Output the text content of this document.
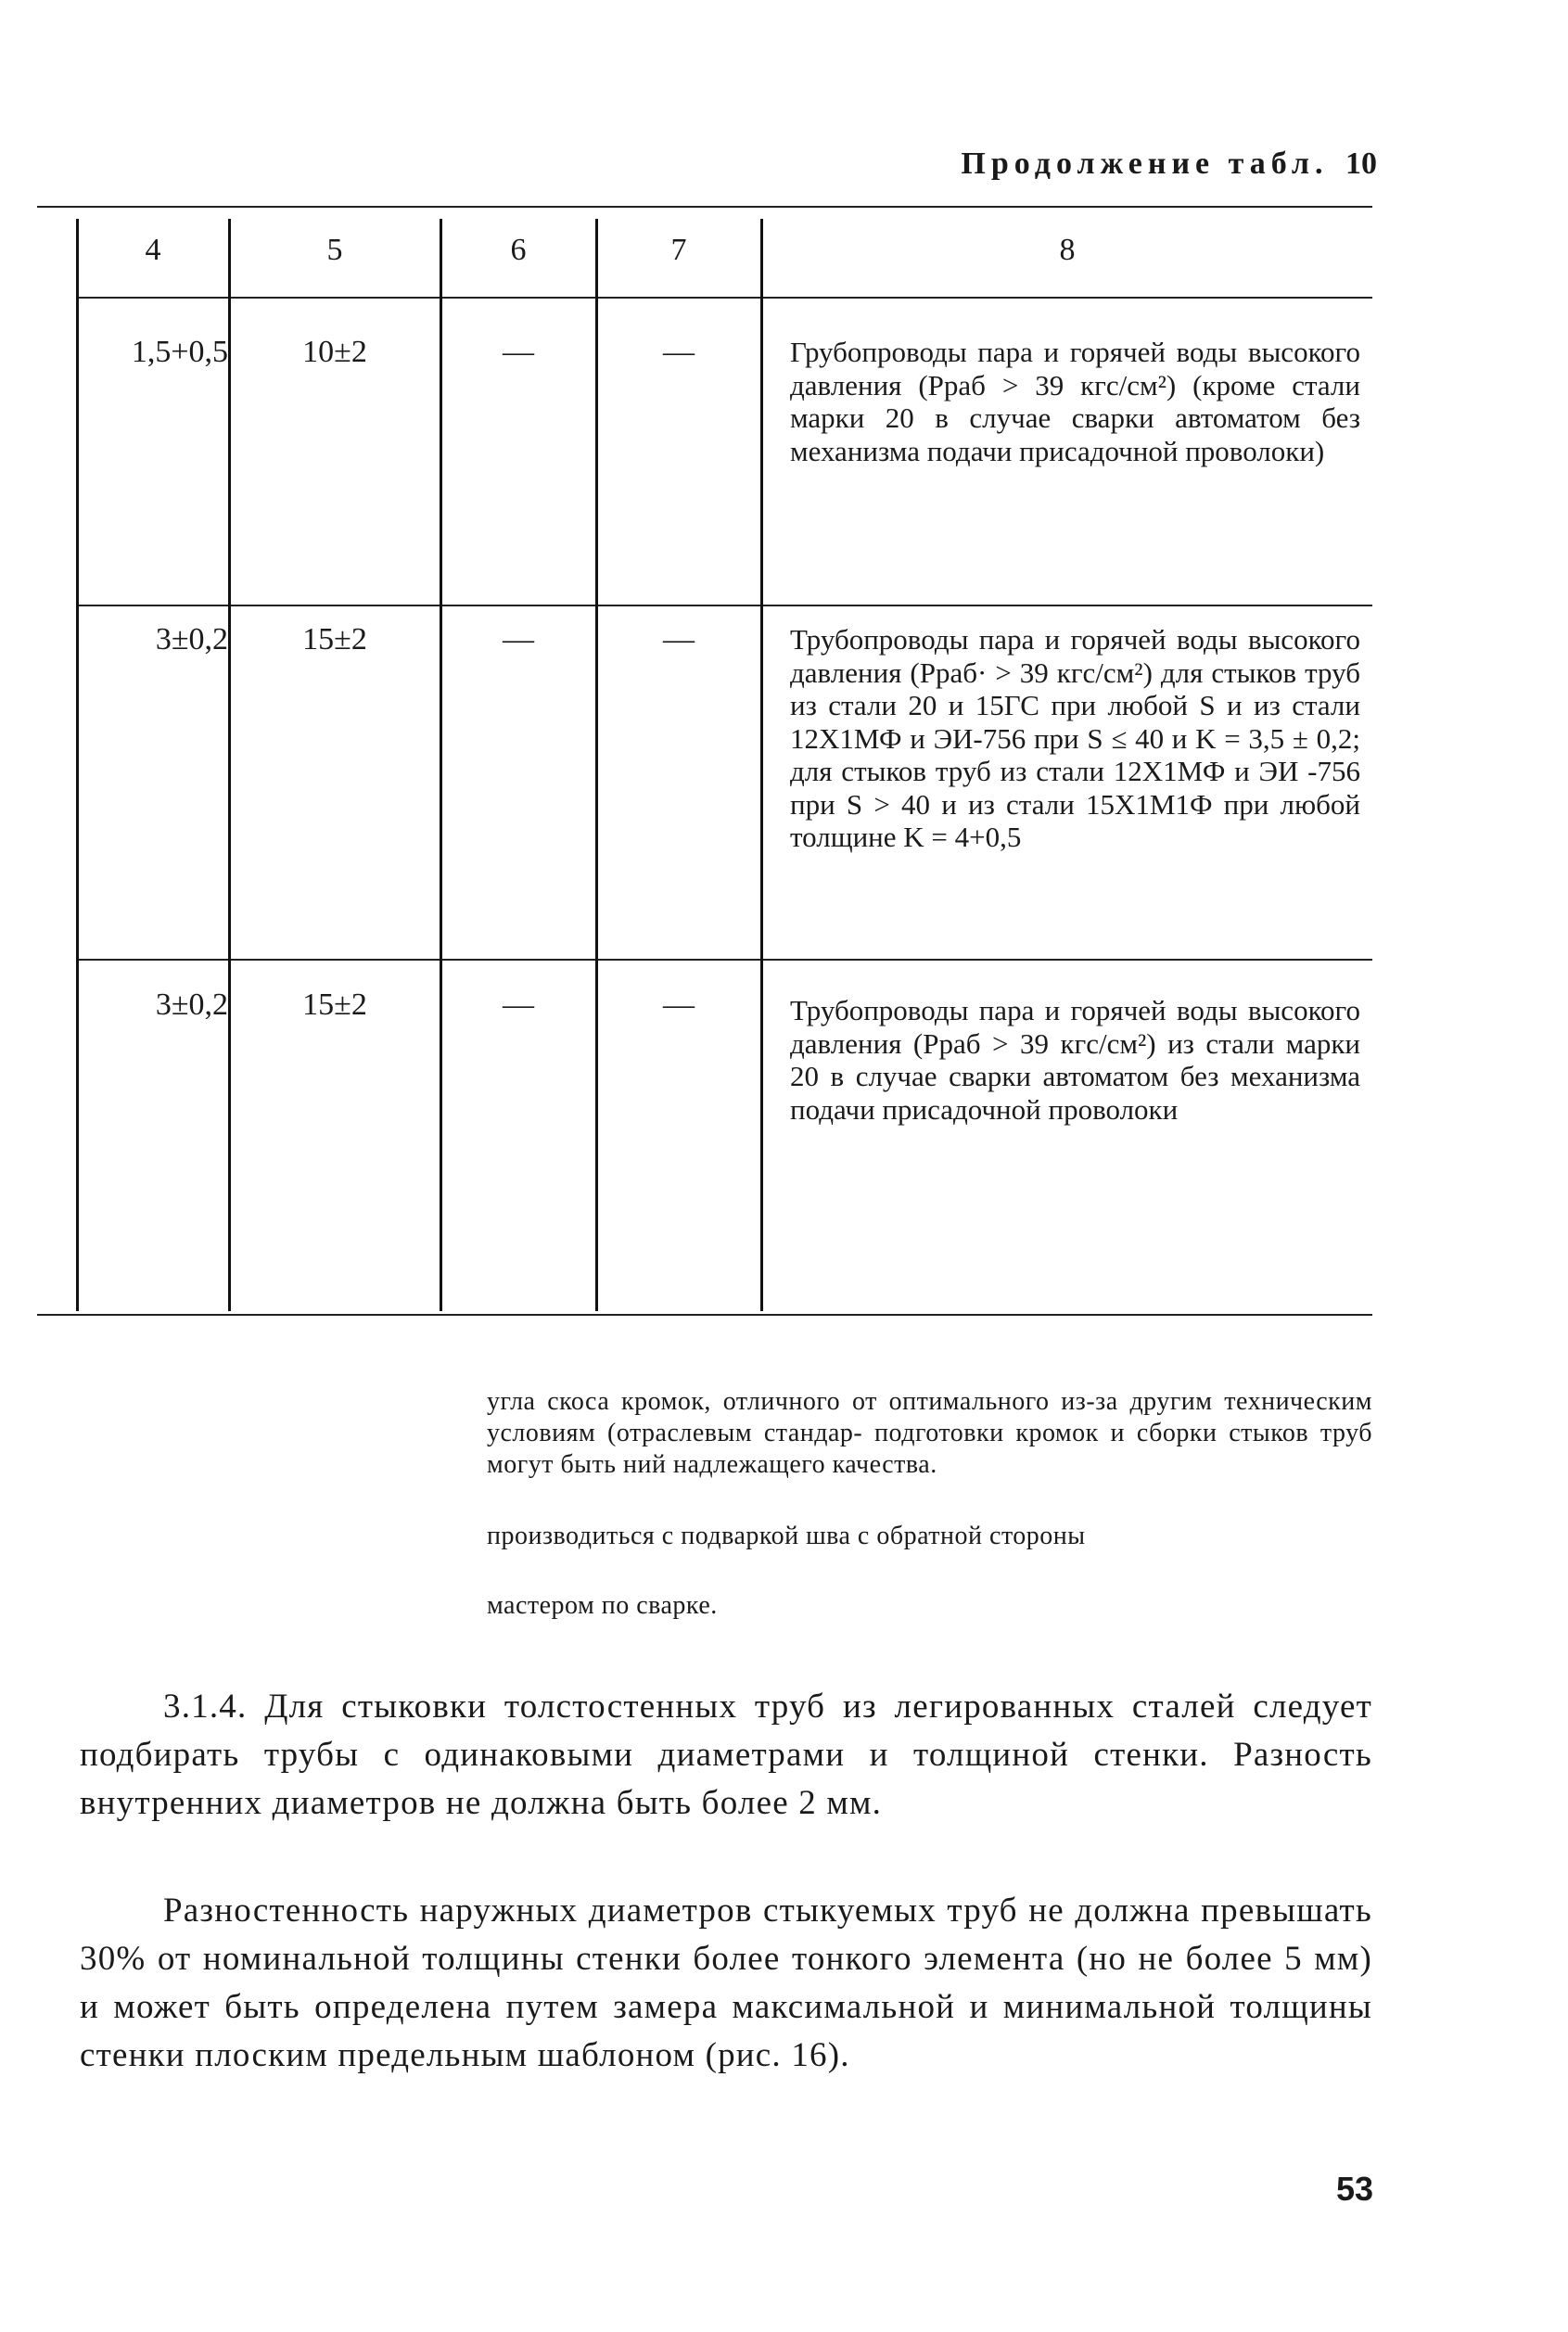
Продолжение табл. 10
4	5	6	7	8
1,5+0,5	10±2	—	—	Грубопроводы пара и горячей воды высокого давления (Pраб > 39 кгс/см²) (кроме стали марки 20 в случае сварки автоматом без механизма подачи присадочной проволоки)
3±0,2	15±2	—	—	Трубопроводы пара и горячей воды высокого давления (Pраб· > 39 кгс/см²) для стыков труб из стали 20 и 15ГС при любой S и из стали 12Х1МФ и ЭИ-756 при S ≤ 40 и K = 3,5 ± 0,2; для стыков труб из стали 12Х1МФ и ЭИ -756 при S > 40 и из стали 15Х1М1Ф при любой толщине K = 4+0,5
3±0,2	15±2	—	—	Трубопроводы пара и горячей воды высокого давления (Pраб > 39 кгс/см²) из стали марки 20 в случае сварки автоматом без механизма подачи присадочной проволоки
угла скоса кромок, отличного от оптимального из-за другим техническим условиям (отраслевым стандар- подготовки кромок и сборки стыков труб могут быть ний надлежащего качества.
производиться с подваркой шва с обратной стороны
мастером по сварке.
3.1.4. Для стыковки толстостенных труб из легированных сталей следует подбирать трубы с одинаковыми диаметрами и толщиной стенки. Разность внутренних диаметров не должна быть более 2 мм.
Разностенность наружных диаметров стыкуемых труб не должна превышать 30% от номинальной толщины стенки более тонкого элемента (но не более 5 мм) и может быть определена путем замера максимальной и минимальной толщины стенки плоским предельным шаблоном (рис. 16).
53
